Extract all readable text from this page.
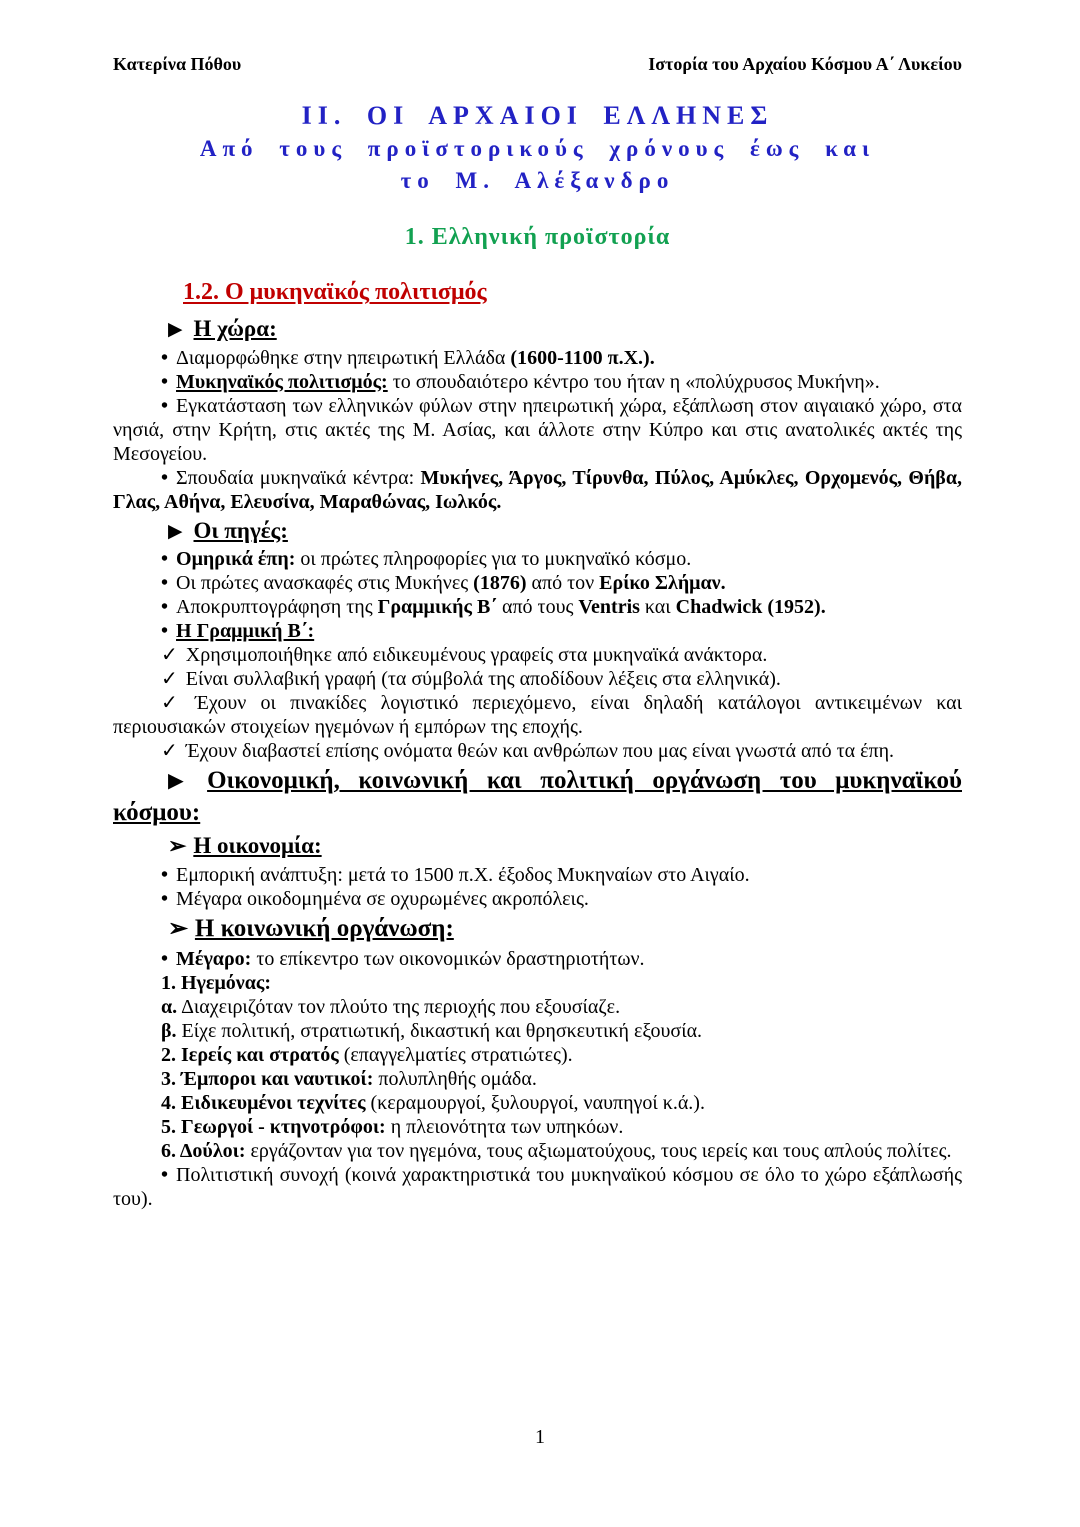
Κατερίνα Πόθου	Ιστορία του Αρχαίου Κόσμου Α΄ Λυκείου
ΙΙ. ΟΙ ΑΡΧΑΙΟΙ ΕΛΛΗΝΕΣ
Από τους προϊστορικούς χρόνους έως και
το Μ. Αλέξανδρο
1. Ελληνική προϊστορία
1.2. Ο μυκηναϊκός πολιτισμός

▶ Η χώρα:

• Διαμορφώθηκε στην ηπειρωτική Ελλάδα (1600-1100 π.Χ.).

• Μυκηναϊκός πολιτισμός: το σπουδαιότερο κέντρο του ήταν η «πολύχρυσος Μυκήνη».

• Εγκατάσταση των ελληνικών φύλων στην ηπειρωτική χώρα, εξάπλωση στον αιγαιακό χώρο, στα νησιά, στην Κρήτη, στις ακτές της Μ. Ασίας, και άλλοτε στην Κύπρο και στις ανατολικές ακτές της Μεσογείου.

• Σπουδαία μυκηναϊκά κέντρα: Μυκήνες, Άργος, Τίρυνθα, Πύλος, Αμύκλες, Ορχομενός, Θήβα, Γλας, Αθήνα, Ελευσίνα, Μαραθώνας, Ιωλκός.

▶ Οι πηγές:

• Ομηρικά έπη: οι πρώτες πληροφορίες για το μυκηναϊκό κόσμο.

• Οι πρώτες ανασκαφές στις Μυκήνες (1876) από τον Ερίκο Σλήμαν.

• Αποκρυπτογράφηση της Γραμμικής Β΄ από τους Ventris και Chadwick (1952).

• Η Γραμμική Β΄:

✓ Χρησιμοποιήθηκε από ειδικευμένους γραφείς στα μυκηναϊκά ανάκτορα.

✓ Είναι συλλαβική γραφή (τα σύμβολά της αποδίδουν λέξεις στα ελληνικά).

✓ Έχουν οι πινακίδες λογιστικό περιεχόμενο, είναι δηλαδή κατάλογοι αντικειμένων και περιουσιακών στοιχείων ηγεμόνων ή εμπόρων της εποχής.

✓ Έχουν διαβαστεί επίσης ονόματα θεών και ανθρώπων που μας είναι γνωστά από τα έπη.

▶ Οικονομική, κοινωνική και πολιτική οργάνωση του μυκηναϊκού κόσμου:

➢ Η οικονομία:

• Εμπορική ανάπτυξη: μετά το 1500 π.Χ. έξοδος Μυκηναίων στο Αιγαίο.

• Μέγαρα οικοδομημένα σε οχυρωμένες ακροπόλεις.

➢ Η κοινωνική οργάνωση:

• Μέγαρο: το επίκεντρο των οικονομικών δραστηριοτήτων.

1. Ηγεμόνας:

α. Διαχειριζόταν τον πλούτο της περιοχής που εξουσίαζε.

β. Είχε πολιτική, στρατιωτική, δικαστική και θρησκευτική εξουσία.

2. Ιερείς και στρατός (επαγγελματίες στρατιώτες).

3. Έμποροι και ναυτικοί: πολυπληθής ομάδα.

4. Ειδικευμένοι τεχνίτες (κεραμουργοί, ξυλουργοί, ναυπηγοί κ.ά.).

5. Γεωργοί - κτηνοτρόφοι: η πλειονότητα των υπηκόων.

6. Δούλοι: εργάζονταν για τον ηγεμόνα, τους αξιωματούχους, τους ιερείς και τους απλούς πολίτες.

• Πολιτιστική συνοχή (κοινά χαρακτηριστικά του μυκηναϊκού κόσμου σε όλο το χώρο εξάπλωσής του).

1
